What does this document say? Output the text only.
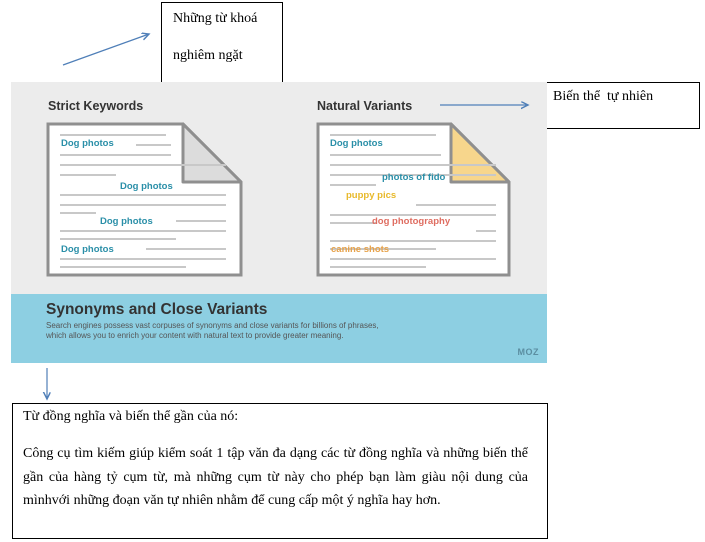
Những từ khoá
nghiêm ngặt
Biến thể  tự nhiên
Strict Keywords	Natural Variants
Dog photos
Dog photos
Dog photos
Dog photos
Dog photos
photos of fido
puppy pics
dog photography
canine shots
Synonyms and Close Variants
Search engines possess vast corpuses of synonyms and close variants for billions of phrases, which allows you to enrich your content with natural text to provide greater meaning.
MOZ
Từ đồng nghĩa và biến thể gần của nó:
Công cụ tìm kiếm giúp kiểm soát 1 tập văn đa dạng các từ đồng nghĩa và những biến thể gần của hàng tỷ cụm từ, mà những cụm từ này cho phép bạn làm giàu nội dung của mìnhvới những đoạn văn tự nhiên nhằm để cung cấp một ý nghĩa hay hơn.
